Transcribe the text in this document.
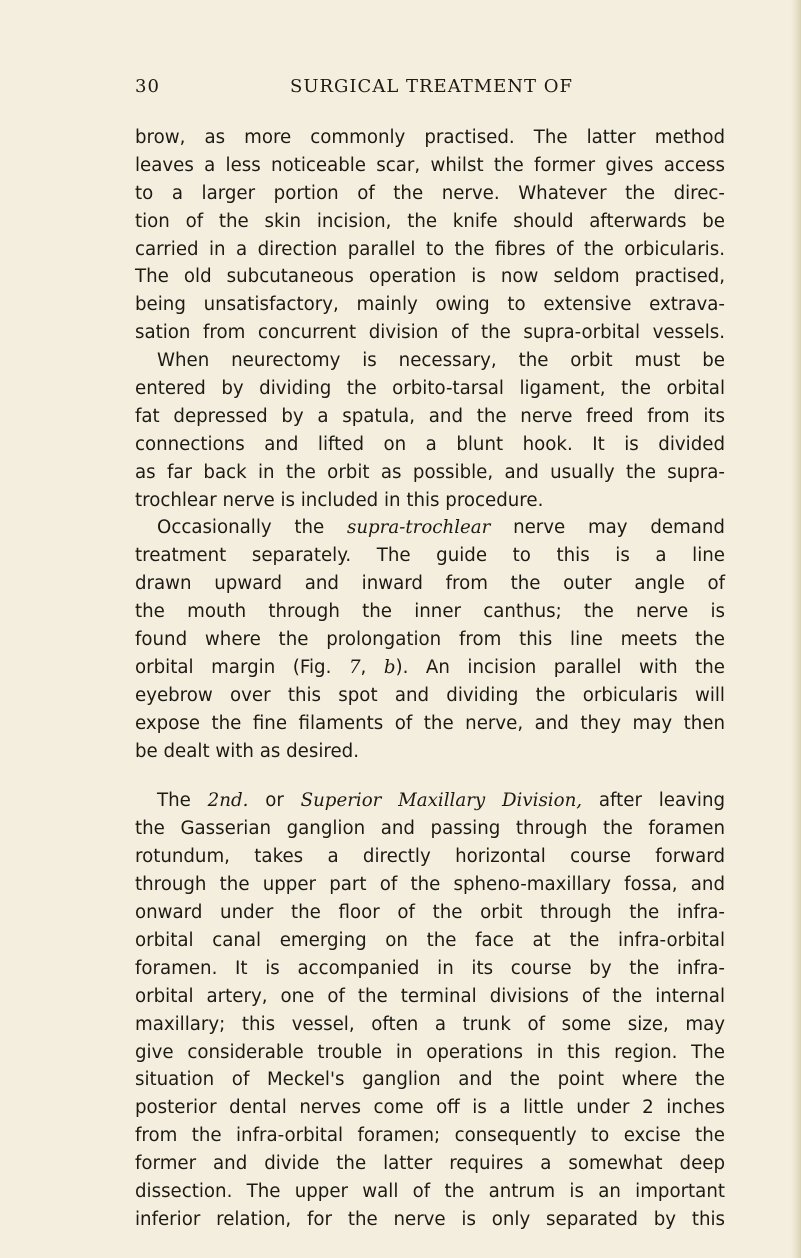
30	SURGICAL TREATMENT OF
brow, as more commonly practised. The latter method
leaves a less noticeable scar, whilst the former gives access
to a larger portion of the nerve. Whatever the direc-
tion of the skin incision, the knife should afterwards be
carried in a direction parallel to the fibres of the orbicularis.
The old subcutaneous operation is now seldom practised,
being unsatisfactory, mainly owing to extensive extrava-
sation from concurrent division of the supra-orbital vessels.
When neurectomy is necessary, the orbit must be
entered by dividing the orbito-tarsal ligament, the orbital
fat depressed by a spatula, and the nerve freed from its
connections and lifted on a blunt hook. It is divided
as far back in the orbit as possible, and usually the supra-
trochlear nerve is included in this procedure.
Occasionally the supra-trochlear nerve may demand
treatment separately. The guide to this is a line
drawn upward and inward from the outer angle of
the mouth through the inner canthus; the nerve is
found where the prolongation from this line meets the
orbital margin (Fig. 7, b). An incision parallel with the
eyebrow over this spot and dividing the orbicularis will
expose the fine filaments of the nerve, and they may then
be dealt with as desired.
The 2nd. or Superior Maxillary Division, after leaving
the Gasserian ganglion and passing through the foramen
rotundum, takes a directly horizontal course forward
through the upper part of the spheno-maxillary fossa, and
onward under the floor of the orbit through the infra-
orbital canal emerging on the face at the infra-orbital
foramen. It is accompanied in its course by the infra-
orbital artery, one of the terminal divisions of the internal
maxillary; this vessel, often a trunk of some size, may
give considerable trouble in operations in this region. The
situation of Meckel's ganglion and the point where the
posterior dental nerves come off is a little under 2 inches
from the infra-orbital foramen; consequently to excise the
former and divide the latter requires a somewhat deep
dissection. The upper wall of the antrum is an important
inferior relation, for the nerve is only separated by this
